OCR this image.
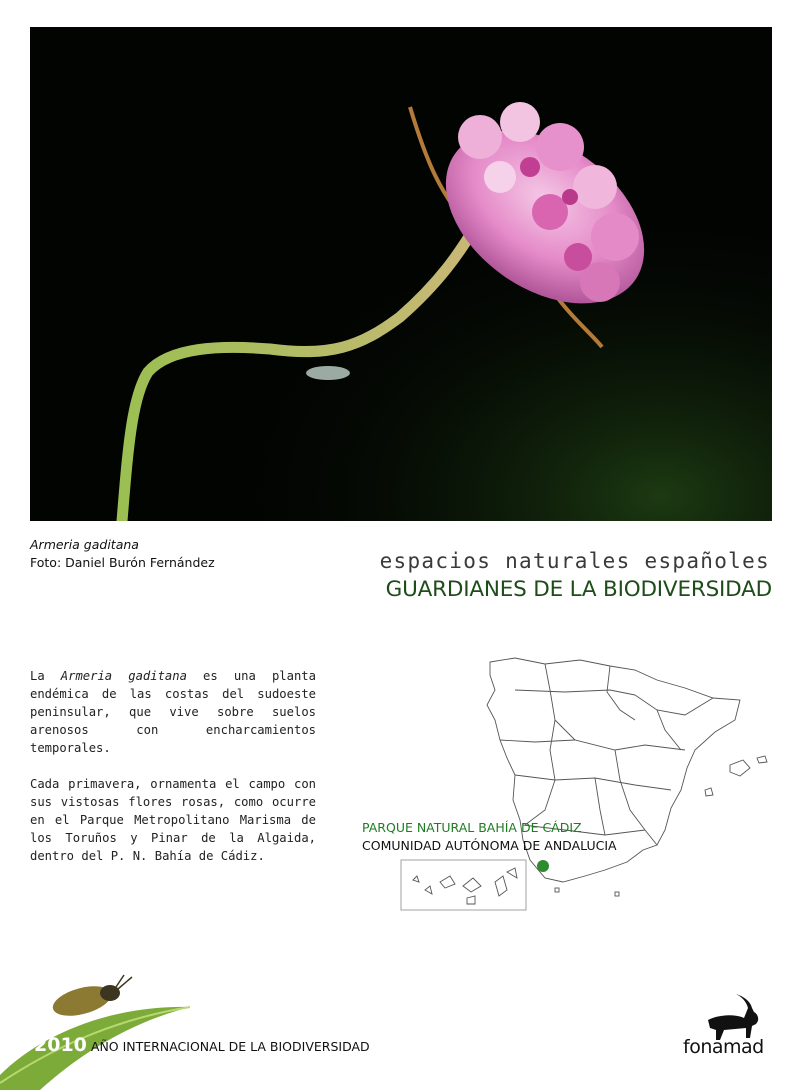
Armeria gaditana
Foto: Daniel Burón Fernández	espacios naturales españoles
GUARDIANES DE LA BIODIVERSIDAD

La Armeria gaditana es una planta endémica de las costas del sudoeste peninsular, que vive sobre suelos arenosos con encharcamientos temporales.

Cada primavera, ornamenta el campo con sus vistosas flores rosas, como ocurre en el Parque Metropolitano Marisma de los Toruños y Pinar de la Algaida, dentro del P. N. Bahía de Cádiz.

PARQUE NATURAL BAHÍA DE CÁDIZ
COMUNIDAD AUTÓNOMA DE ANDALUCIA
2010 AÑO INTERNACIONAL DE LA BIODIVERSIDAD	fonamad
